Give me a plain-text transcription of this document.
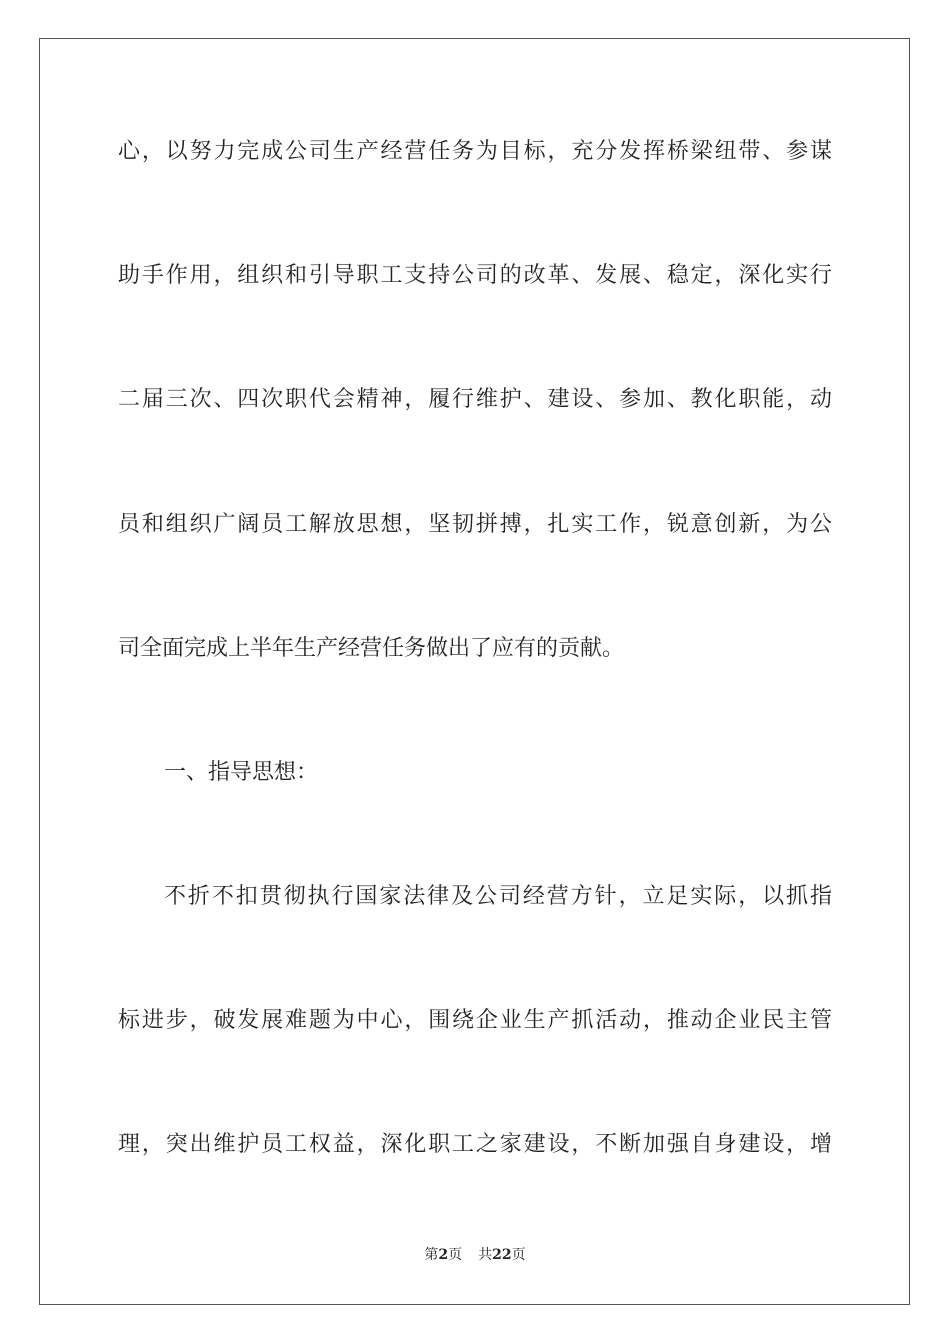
心，以努力完成公司生产经营任务为目标，充分发挥桥梁纽带、参谋
助手作用，组织和引导职工支持公司的改革、发展、稳定，深化实行
二届三次、四次职代会精神，履行维护、建设、参加、教化职能，动
员和组织广阔员工解放思想，坚韧拼搏，扎实工作，锐意创新，为公
司全面完成上半年生产经营任务做出了应有的贡献。
一、指导思想：
不折不扣贯彻执行国家法律及公司经营方针，立足实际，以抓指
标进步，破发展难题为中心，围绕企业生产抓活动，推动企业民主管
理，突出维护员工权益，深化职工之家建设，不断加强自身建设，增
第2页 共22页
